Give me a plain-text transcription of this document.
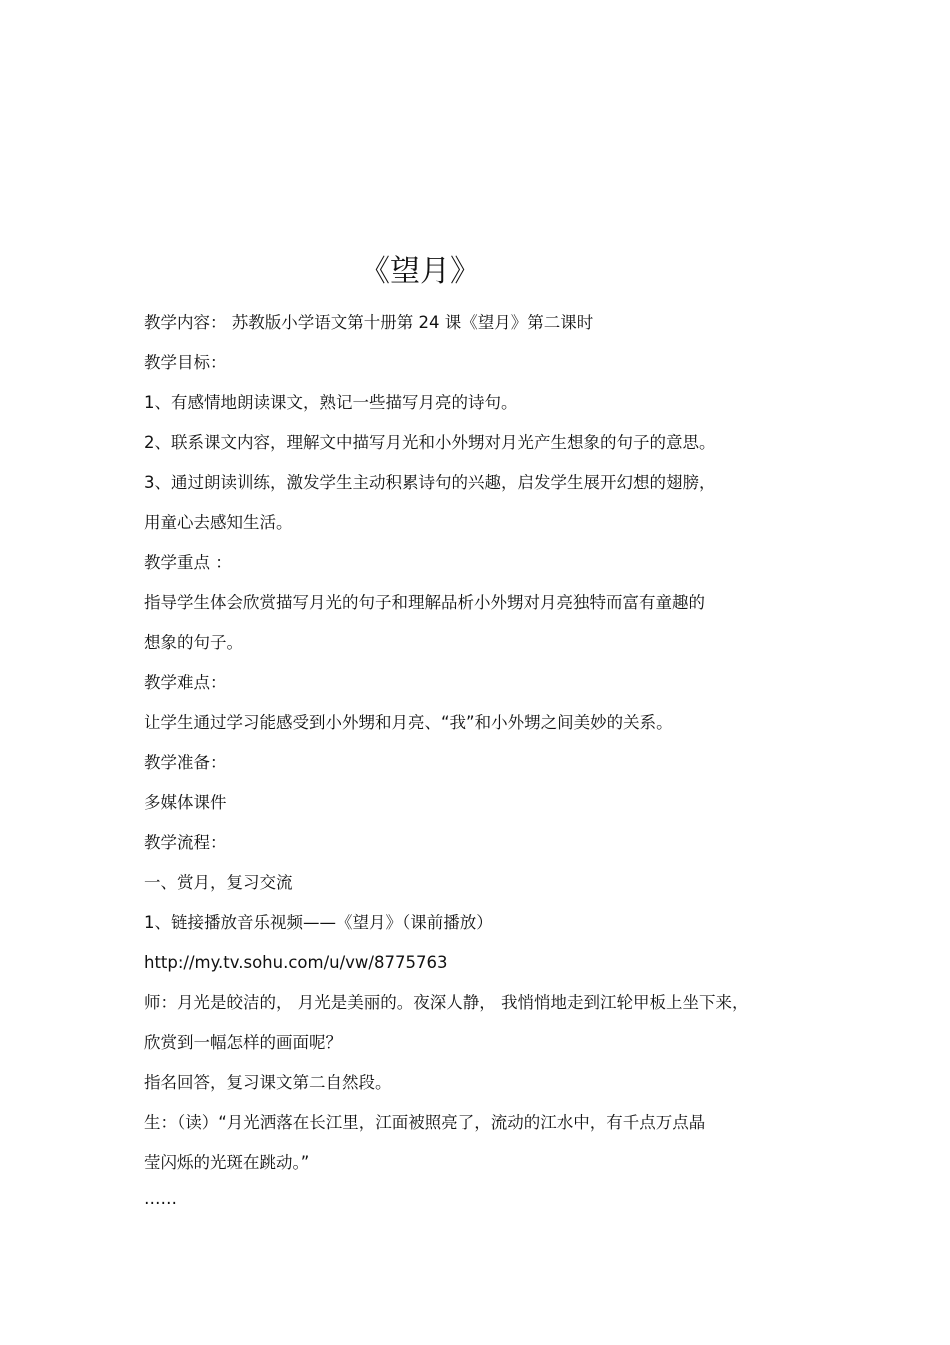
《望月》
教学内容： 苏教版小学语文第十册第 24 课《望月》第二课时
教学目标：
1、有感情地朗读课文，熟记一些描写月亮的诗句。
2、联系课文内容，理解文中描写月光和小外甥对月光产生想象的句子的意思。
3、通过朗读训练，激发学生主动积累诗句的兴趣，启发学生展开幻想的翅膀，
用童心去感知生活。
教学重点 ：
指导学生体会欣赏描写月光的句子和理解品析小外甥对月亮独特而富有童趣的
想象的句子。
教学难点：
让学生通过学习能感受到小外甥和月亮、“我”和小外甥之间美妙的关系。
教学准备：
多媒体课件
教学流程：
一、赏月，复习交流
1、链接播放音乐视频——《望月》（课前播放）
http://my.tv.sohu.com/u/vw/8775763
师：月光是皎洁的， 月光是美丽的。夜深人静， 我悄悄地走到江轮甲板上坐下来，
欣赏到一幅怎样的画面呢？
指名回答，复习课文第二自然段。
生：（读）“月光洒落在长江里，江面被照亮了，流动的江水中，有千点万点晶
莹闪烁的光斑在跳动。”
……
